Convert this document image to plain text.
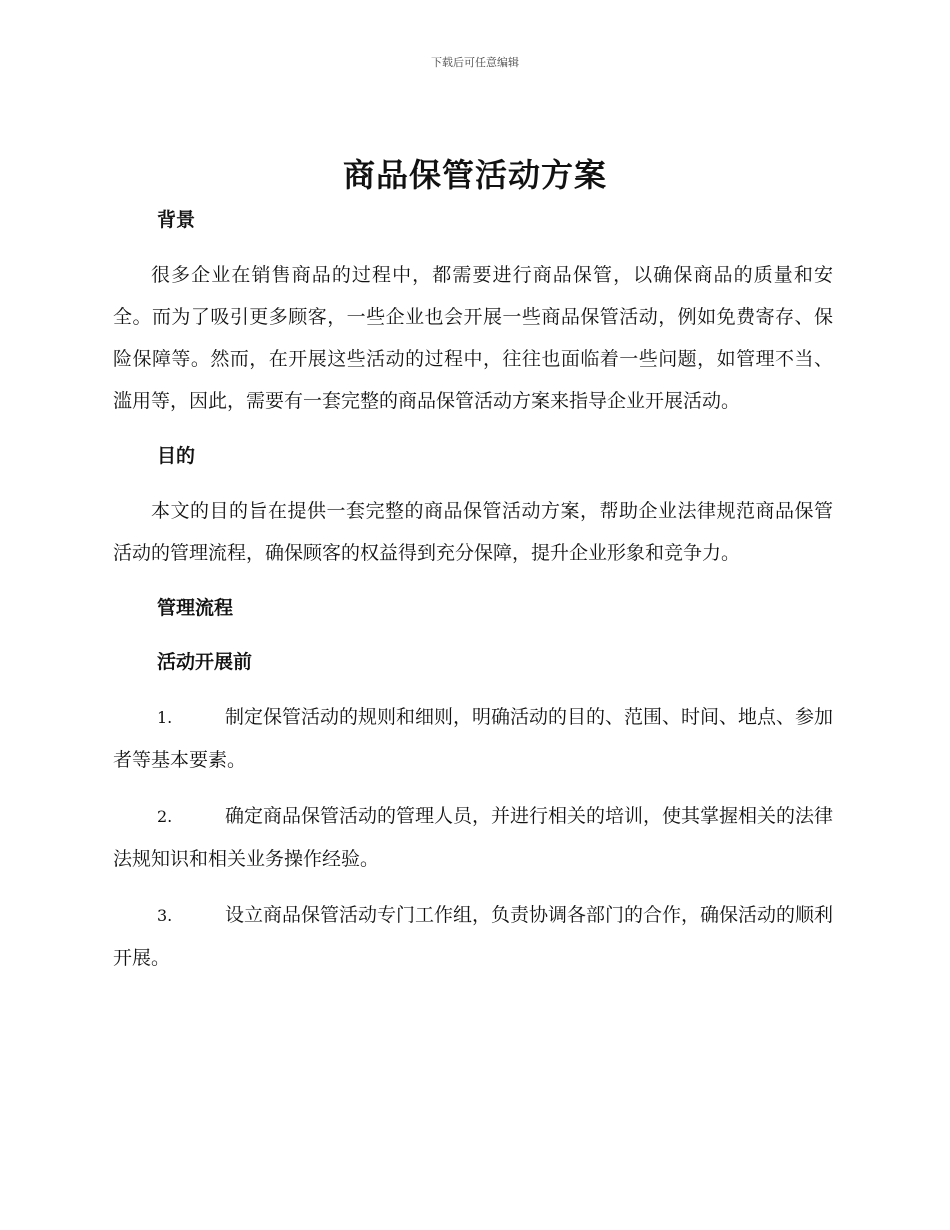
下载后可任意编辑
商品保管活动方案
背景

很多企业在销售商品的过程中，都需要进行商品保管，以确保商品的质量和安全。而为了吸引更多顾客，一些企业也会开展一些商品保管活动，例如免费寄存、保险保障等。然而，在开展这些活动的过程中，往往也面临着一些问题，如管理不当、滥用等，因此，需要有一套完整的商品保管活动方案来指导企业开展活动。

目的

本文的目的旨在提供一套完整的商品保管活动方案，帮助企业法律规范商品保管活动的管理流程，确保顾客的权益得到充分保障，提升企业形象和竞争力。

管理流程
活动开展前

1.	制定保管活动的规则和细则，明确活动的目的、范围、时间、地点、参加者等基本要素。

2.	确定商品保管活动的管理人员，并进行相关的培训，使其掌握相关的法律法规知识和相关业务操作经验。

3.	设立商品保管活动专门工作组，负责协调各部门的合作，确保活动的顺利开展。
